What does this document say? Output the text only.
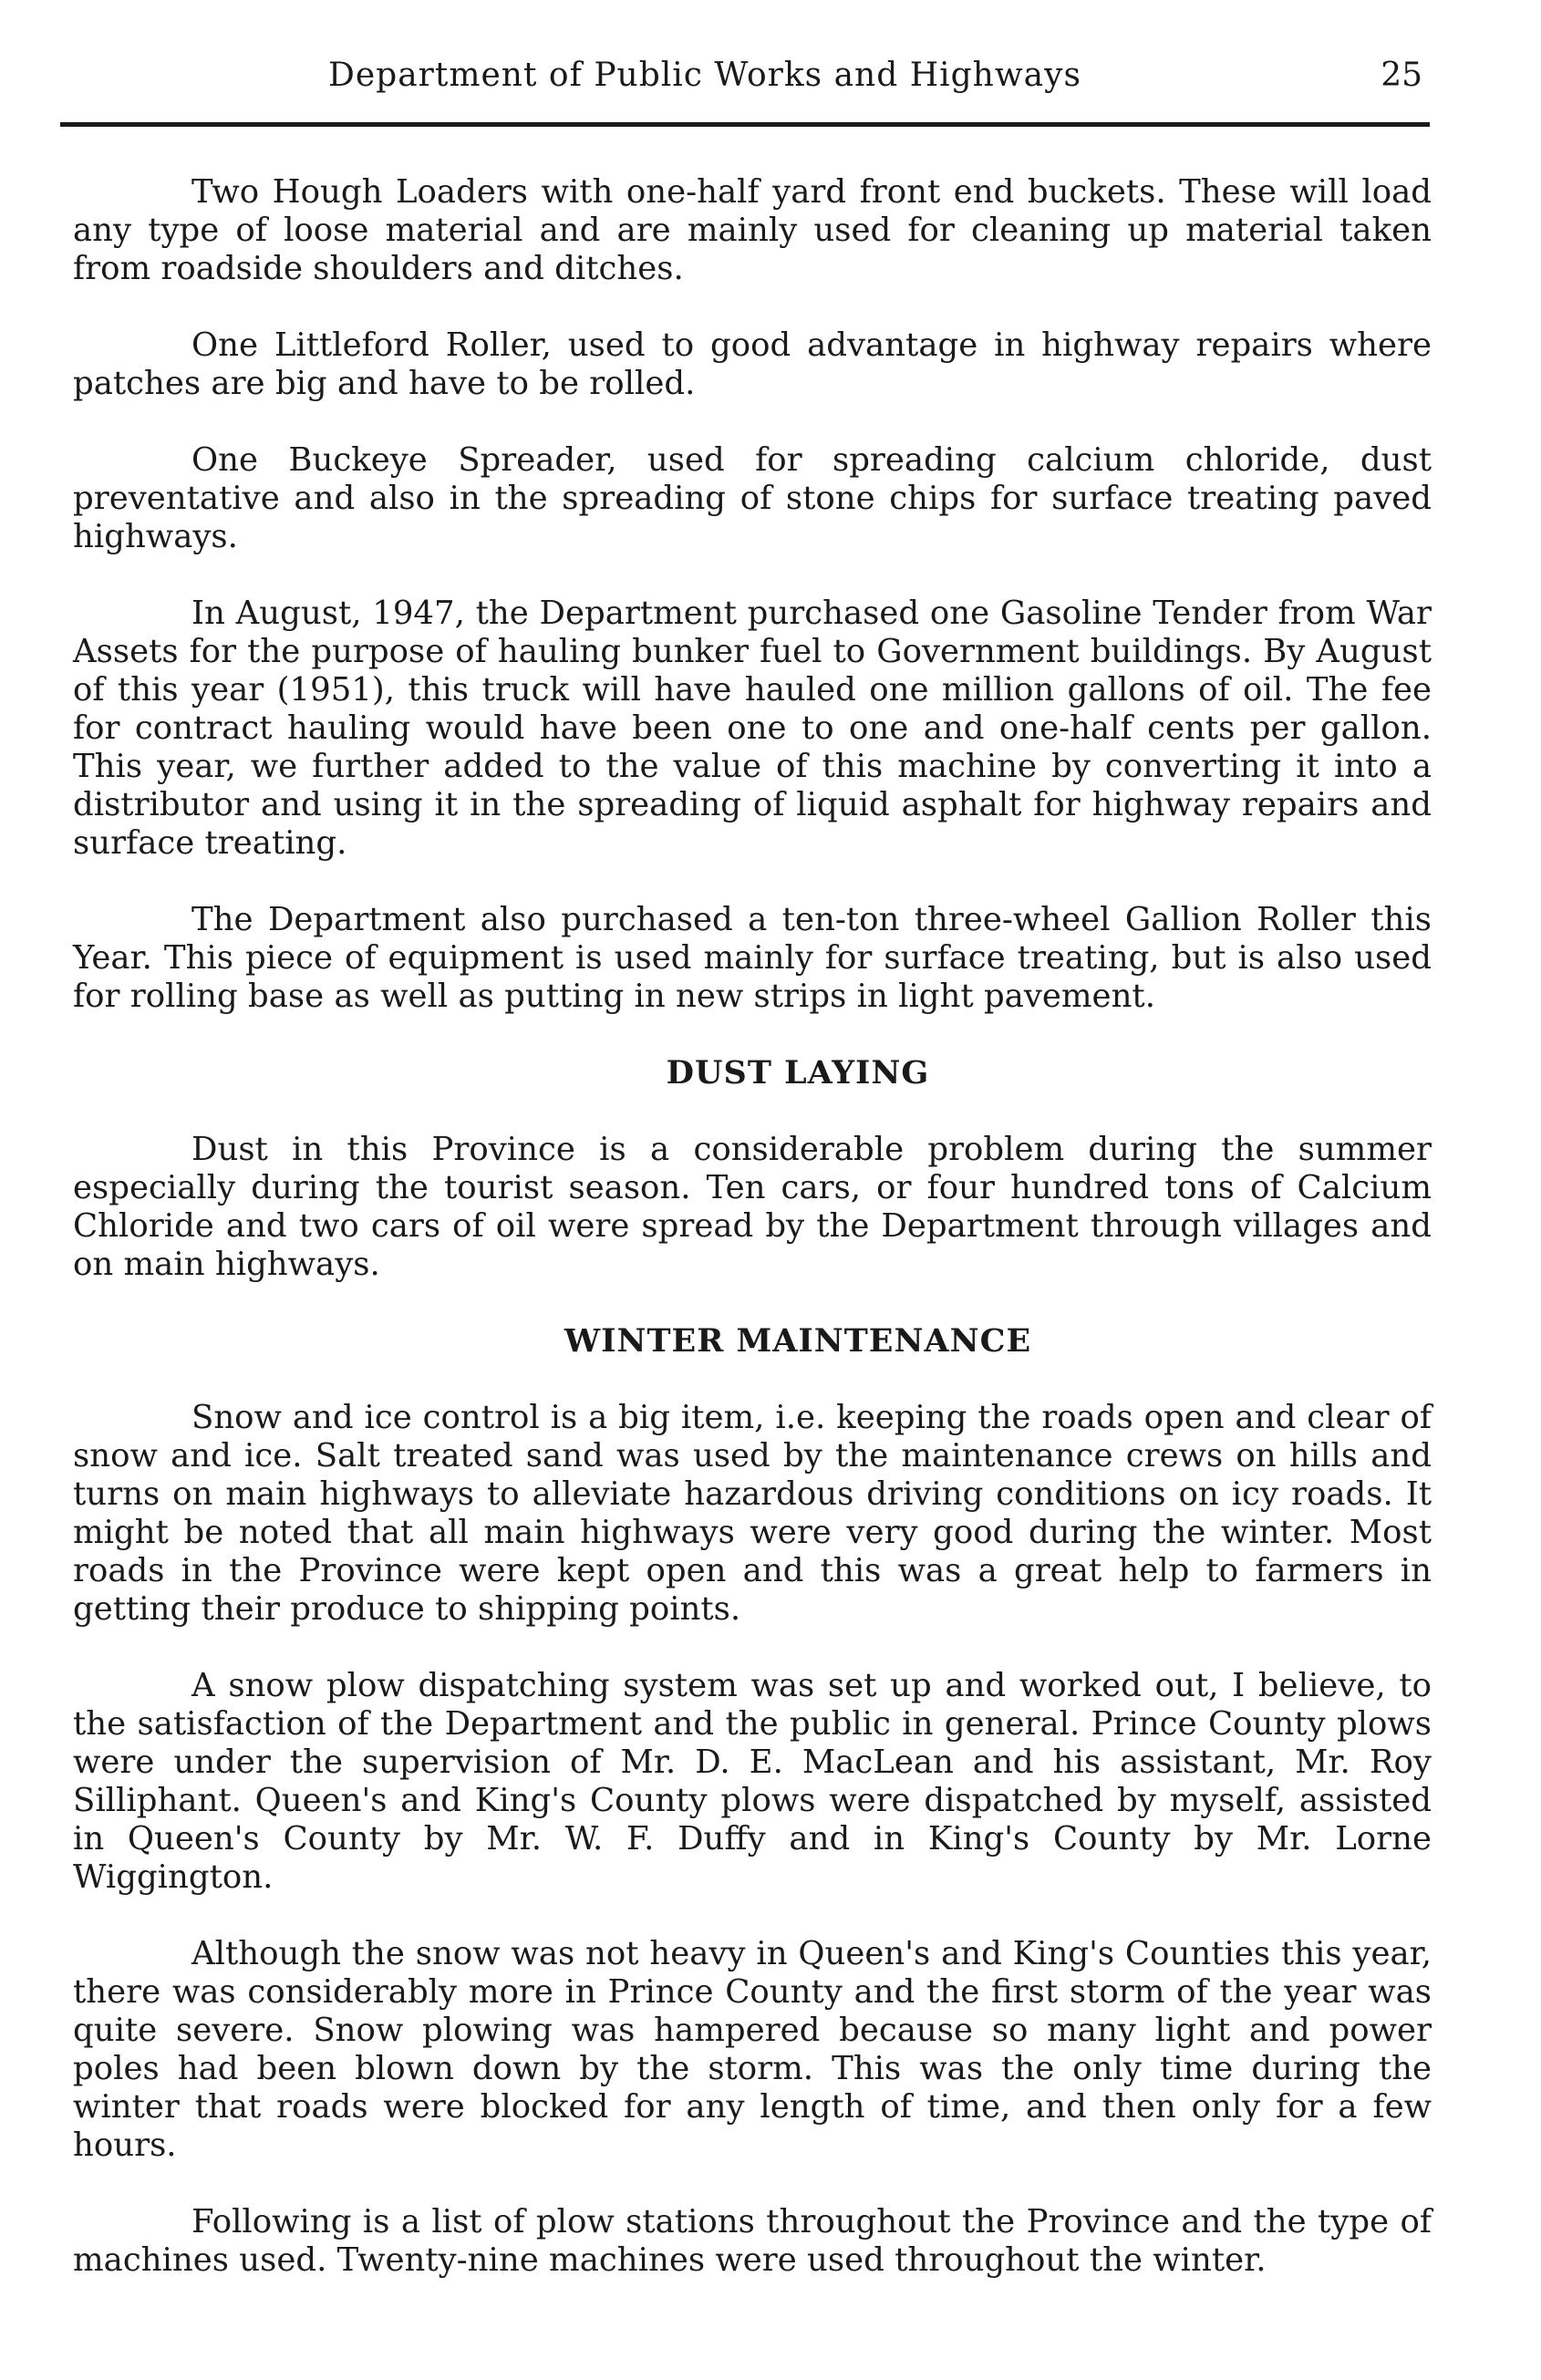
Department of Public Works and Highways	25

Two Hough Loaders with one-half yard front end buckets. These will load any type of loose material and are mainly used for cleaning up material taken from roadside shoulders and ditches.

One Littleford Roller, used to good advantage in highway repairs where patches are big and have to be rolled.

One Buckeye Spreader, used for spreading calcium chloride, dust preventative and also in the spreading of stone chips for surface treating paved highways.

In August, 1947, the Department purchased one Gasoline Tender from War Assets for the purpose of hauling bunker fuel to Government buildings. By August of this year (1951), this truck will have hauled one million gallons of oil. The fee for contract hauling would have been one to one and one-half cents per gallon. This year, we further added to the value of this machine by converting it into a distributor and using it in the spreading of liquid asphalt for highway repairs and surface treating.

The Department also purchased a ten-ton three-wheel Gallion Roller this Year. This piece of equipment is used mainly for surface treating, but is also used for rolling base as well as putting in new strips in light pavement.

DUST LAYING

Dust in this Province is a considerable problem during the summer especially during the tourist season. Ten cars, or four hundred tons of Calcium Chloride and two cars of oil were spread by the Department through villages and on main highways.

WINTER MAINTENANCE

Snow and ice control is a big item, i.e. keeping the roads open and clear of snow and ice. Salt treated sand was used by the maintenance crews on hills and turns on main highways to alleviate hazardous driving conditions on icy roads. It might be noted that all main highways were very good during the winter. Most roads in the Province were kept open and this was a great help to farmers in getting their produce to shipping points.

A snow plow dispatching system was set up and worked out, I believe, to the satisfaction of the Department and the public in general. Prince County plows were under the supervision of Mr. D. E. MacLean and his assistant, Mr. Roy Silliphant. Queen's and King's County plows were dispatched by myself, assisted in Queen's County by Mr. W. F. Duffy and in King's County by Mr. Lorne Wiggington.

Although the snow was not heavy in Queen's and King's Counties this year, there was considerably more in Prince County and the first storm of the year was quite severe. Snow plowing was hampered because so many light and power poles had been blown down by the storm. This was the only time during the winter that roads were blocked for any length of time, and then only for a few hours.

Following is a list of plow stations throughout the Province and the type of machines used. Twenty-nine machines were used throughout the winter.
